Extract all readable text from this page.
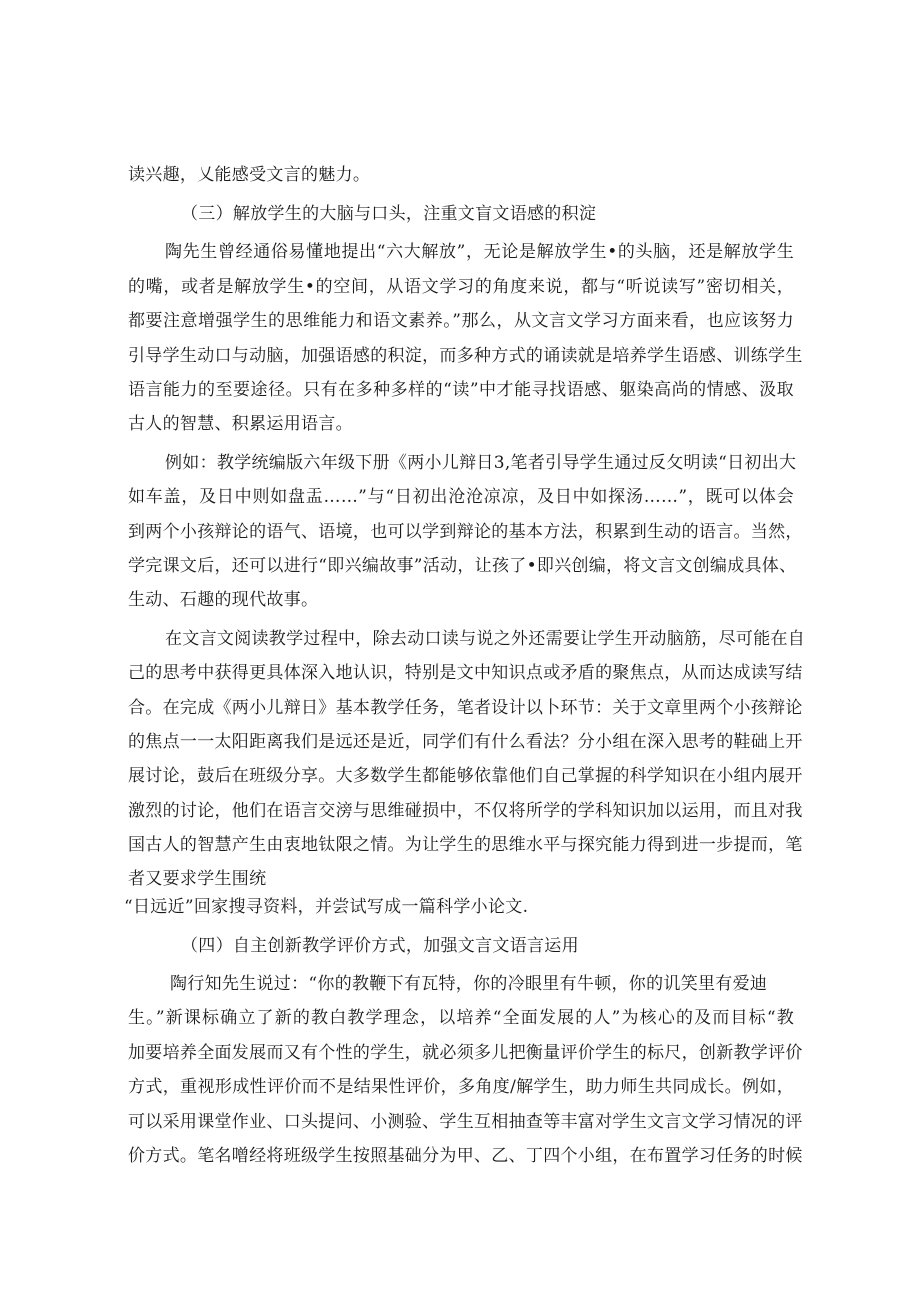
读兴趣，乂能感受文言的魅力。
（三）解放学生的大脑与口头，注重文盲文语感的积淀
陶先生曾经通俗易懂地提出“六大解放”，无论是解放学生•的头脑，还是解放学生
的嘴，或者是解放学生•的空间，从语文学习的角度来说，都与“听说读写”密切相关，
都要注意增强学生的思维能力和语文素养。”那么，从文言文学习方面来看，也应该努力
引导学生动口与动脑，加强语感的积淀，而多种方式的诵读就是培养学生语感、训练学生
语言能力的至要途径。只有在多种多样的“读”中才能寻找语感、躯染高尚的情感、汲取
古人的智慧、积累运用语言。
例如：教学统编版六年级下册《两小儿辩日3,笔者引导学生通过反攵明读“日初出大
如车盖，及日中则如盘盂……”与“日初出沧沧凉凉，及日中如探汤……”，既可以体会
到两个小孩辩论的语气、语境，也可以学到辩论的基本方法，积累到生动的语言。当然，
学完课文后，还可以进行“即兴编故事”活动，让孩了•即兴创编，将文言文创编成具体、
生动、石趣的现代故事。
在文言文阅读教学过程中，除去动口读与说之外还需要让学生开动脑筋，尽可能在自
己的思考中获得更具体深入地认识，特别是文中知识点或矛盾的聚焦点，从而达成读写结
合。在完成《两小儿辩日》基本教学任务，笔者设计以卜环节：关于文章里两个小孩辩论
的焦点一一太阳距离我们是远还是近，同学们有什么看法？分小组在深入思考的鞋础上开
展讨论，鼓后在班级分享。大多数学生都能够依靠他们自己掌握的科学知识在小组内展开
激烈的讨论，他们在语言交滂与思维碰损中，不仅将所学的学科知识加以运用，而且对我
国古人的智慧产生由衷地钛限之情。为让学生的思维水平与探究能力得到进一步提而，笔
者又要求学生围统
“日远近”回家搜寻资料，并尝试写成一篇科学小论文.
（四）自主创新教学评价方式，加强文言文语言运用
陶行知先生说过：“你的教鞭下有瓦特，你的冷眼里有牛顿，你的讥笑里有爱迪
生。”新课标确立了新的教白教学理念，以培养“全面发展的人”为核心的及而目标“教
加要培养全面发展而又有个性的学生，就必须多儿把衡量评价学生的标尺，创新教学评价
方式，重视形成性评价而不是结果性评价，多角度/解学生，助力师生共同成长。例如，
可以采用课堂作业、口头提问、小测验、学生互相抽查等丰富对学生文言文学习情况的评
价方式。笔名噌经将班级学生按照基础分为甲、乙、丁四个小组，在布置学习任务的时候
